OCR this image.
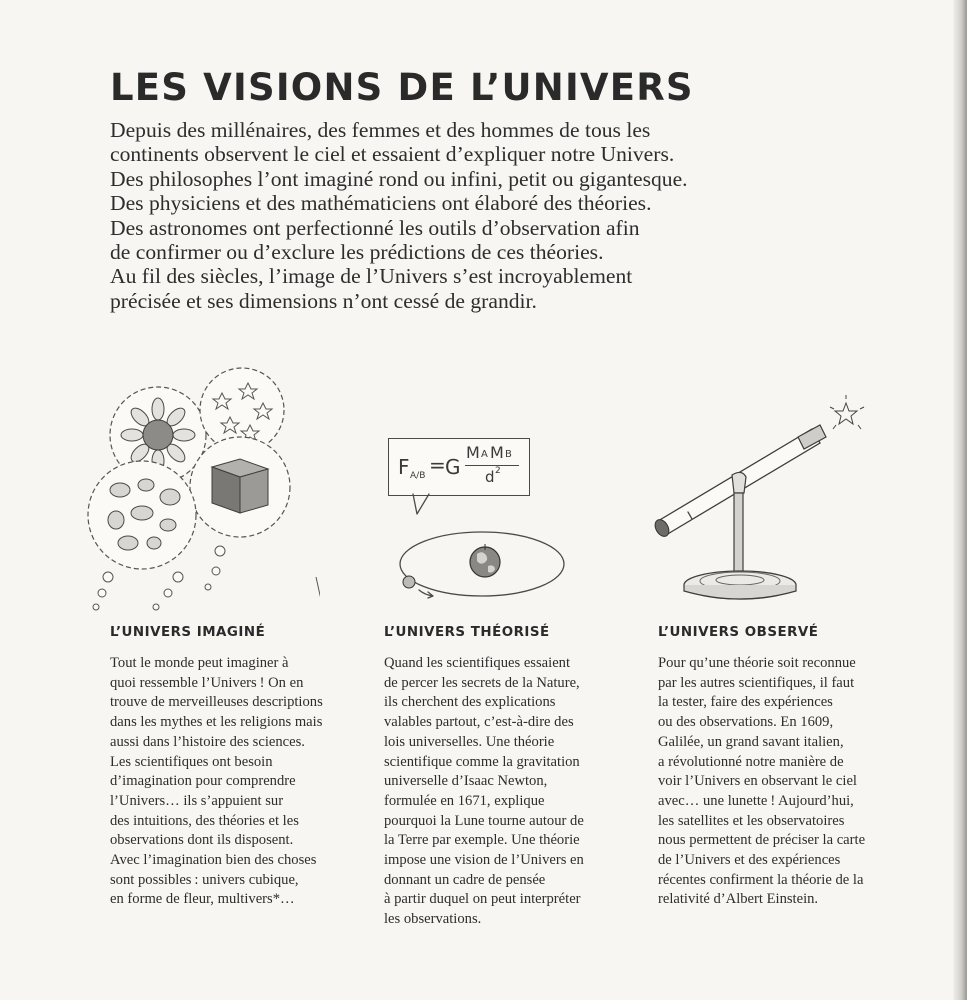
LES VISIONS DE L’UNIVERS
Depuis des millénaires, des femmes et des hommes de tous les
continents observent le ciel et essaient d’expliquer notre Univers.
Des philosophes l’ont imaginé rond ou infini, petit ou gigantesque.
Des physiciens et des mathématiciens ont élaboré des théories.
Des astronomes ont perfectionné les outils d’observation afin
de confirmer ou d’exclure les prédictions de ces théories.
Au fil des siècles, l’image de l’Univers s’est incroyablement
précisée et ses dimensions n’ont cessé de grandir.
F A/B = G
M A M B
d 2
L’UNIVERS IMAGINÉ
Tout le monde peut imaginer à
quoi ressemble l’Univers ! On en
trouve de merveilleuses descriptions
dans les mythes et les religions mais
aussi dans l’histoire des sciences.
Les scientifiques ont besoin
d’imagination pour comprendre
l’Univers… ils s’appuient sur
des intuitions, des théories et les
observations dont ils disposent.
Avec l’imagination bien des choses
sont possibles : univers cubique,
en forme de fleur, multivers*…
L’UNIVERS THÉORISÉ
Quand les scientifiques essaient
de percer les secrets de la Nature,
ils cherchent des explications
valables partout, c’est-à-dire des
lois universelles. Une théorie
scientifique comme la gravitation
universelle d’Isaac Newton,
formulée en 1671, explique
pourquoi la Lune tourne autour de
la Terre par exemple. Une théorie
impose une vision de l’Univers en
donnant un cadre de pensée
à partir duquel on peut interpréter
les observations.
L’UNIVERS OBSERVÉ
Pour qu’une théorie soit reconnue
par les autres scientifiques, il faut
la tester, faire des expériences
ou des observations. En 1609,
Galilée, un grand savant italien,
a révolutionné notre manière de
voir l’Univers en observant le ciel
avec… une lunette ! Aujourd’hui,
les satellites et les observatoires
nous permettent de préciser la carte
de l’Univers et des expériences
récentes confirment la théorie de la
relativité d’Albert Einstein.
